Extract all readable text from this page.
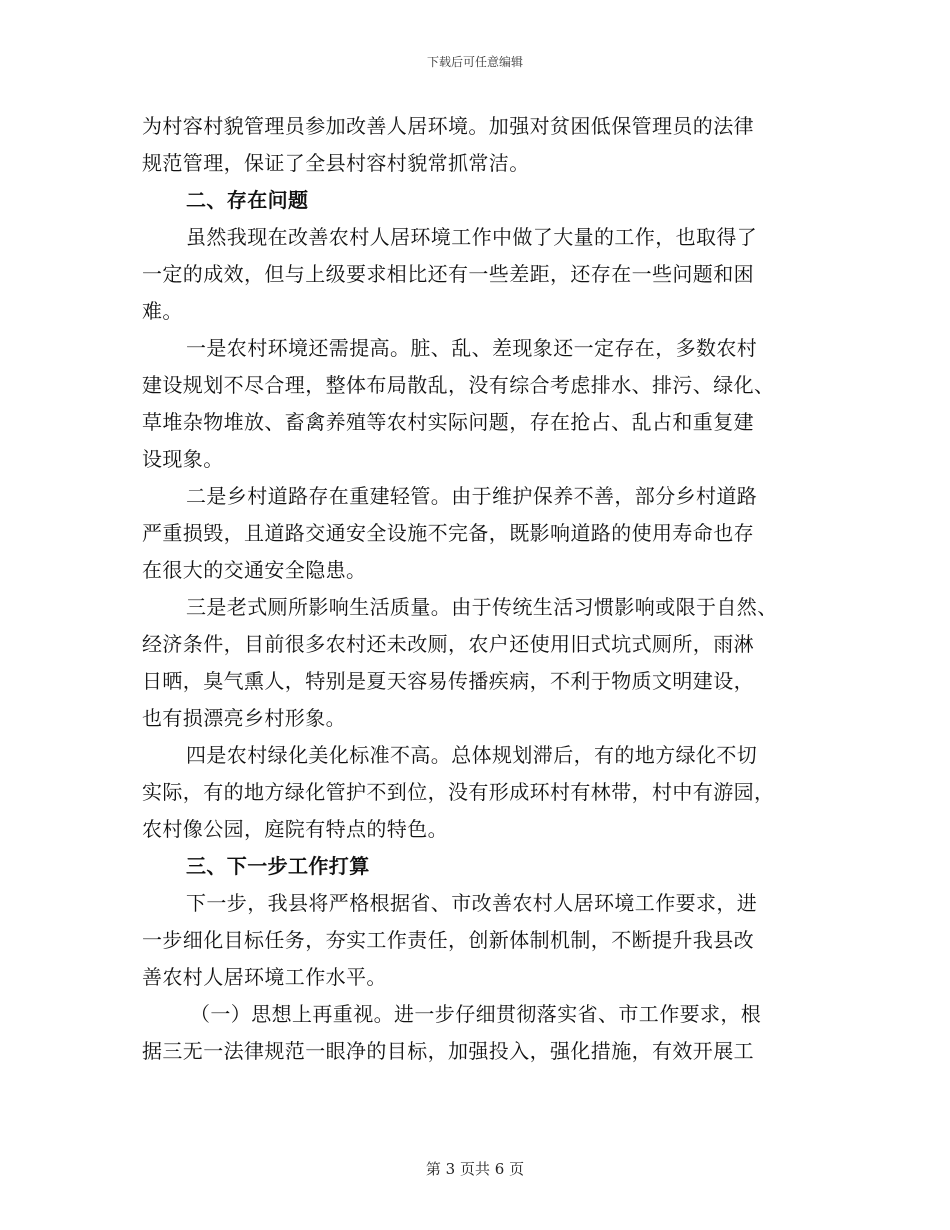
下载后可任意编辑
为村容村貌管理员参加改善人居环境。加强对贫困低保管理员的法律
规范管理，保证了全县村容村貌常抓常洁。
二、存在问题
虽然我现在改善农村人居环境工作中做了大量的工作，也取得了
一定的成效，但与上级要求相比还有一些差距，还存在一些问题和困
难。
一是农村环境还需提高。脏、乱、差现象还一定存在，多数农村
建设规划不尽合理，整体布局散乱，没有综合考虑排水、排污、绿化、
草堆杂物堆放、畜禽养殖等农村实际问题，存在抢占、乱占和重复建
设现象。
二是乡村道路存在重建轻管。由于维护保养不善，部分乡村道路
严重损毁，且道路交通安全设施不完备，既影响道路的使用寿命也存
在很大的交通安全隐患。
三是老式厕所影响生活质量。由于传统生活习惯影响或限于自然、
经济条件，目前很多农村还未改厕，农户还使用旧式坑式厕所，雨淋
日晒，臭气熏人，特别是夏天容易传播疾病，不利于物质文明建设，
也有损漂亮乡村形象。
四是农村绿化美化标准不高。总体规划滞后，有的地方绿化不切
实际，有的地方绿化管护不到位，没有形成环村有林带，村中有游园，
农村像公园，庭院有特点的特色。
三、下一步工作打算
下一步，我县将严格根据省、市改善农村人居环境工作要求，进
一步细化目标任务，夯实工作责任，创新体制机制，不断提升我县改
善农村人居环境工作水平。
（一）思想上再重视。进一步仔细贯彻落实省、市工作要求，根
据三无一法律规范一眼净的目标，加强投入，强化措施，有效开展工
第 3 页共 6 页
